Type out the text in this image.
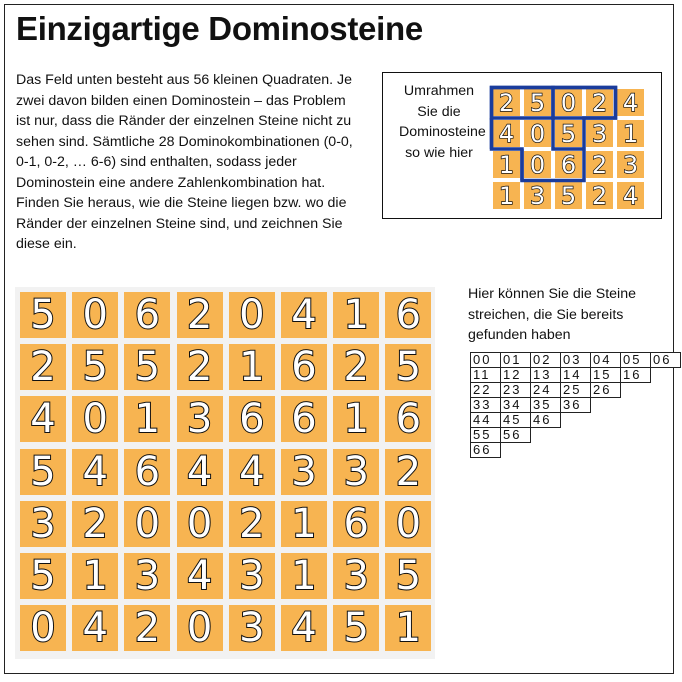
Einzigartige Dominosteine

Das Feld unten besteht aus 56 kleinen Quadraten. Je zwei davon bilden einen Dominostein – das Problem ist nur, dass die Ränder der einzelnen Steine nicht zu sehen sind. Sämtliche 28 Dominokombinationen (0-0, 0-1, 0-2, … 6-6) sind enthalten, sodass jeder Dominostein eine andere Zahlenkombination hat. Finden Sie heraus, wie die Steine liegen bzw. wo die Ränder der einzelnen Steine sind, und zeichnen Sie diese ein.

Umrahmen Sie die Dominosteine so wie hier
2 5 0 2 4
4 0 5 3 1
1 0 6 2 3
1 3 5 2 4
5 0 6 2 0 4 1 6
2 5 5 2 1 6 2 5
4 0 1 3 6 6 1 6
5 4 6 4 4 3 3 2
3 2 0 0 2 1 6 0
5 1 3 4 3 1 3 5
0 4 2 0 3 4 5 1

Hier können Sie die Steine streichen, die Sie bereits gefunden haben

00 01 02 03 04 05 06
11 12 13 14 15 16
22 23 24 25 26
33 34 35 36
44 45 46
55 56
66
